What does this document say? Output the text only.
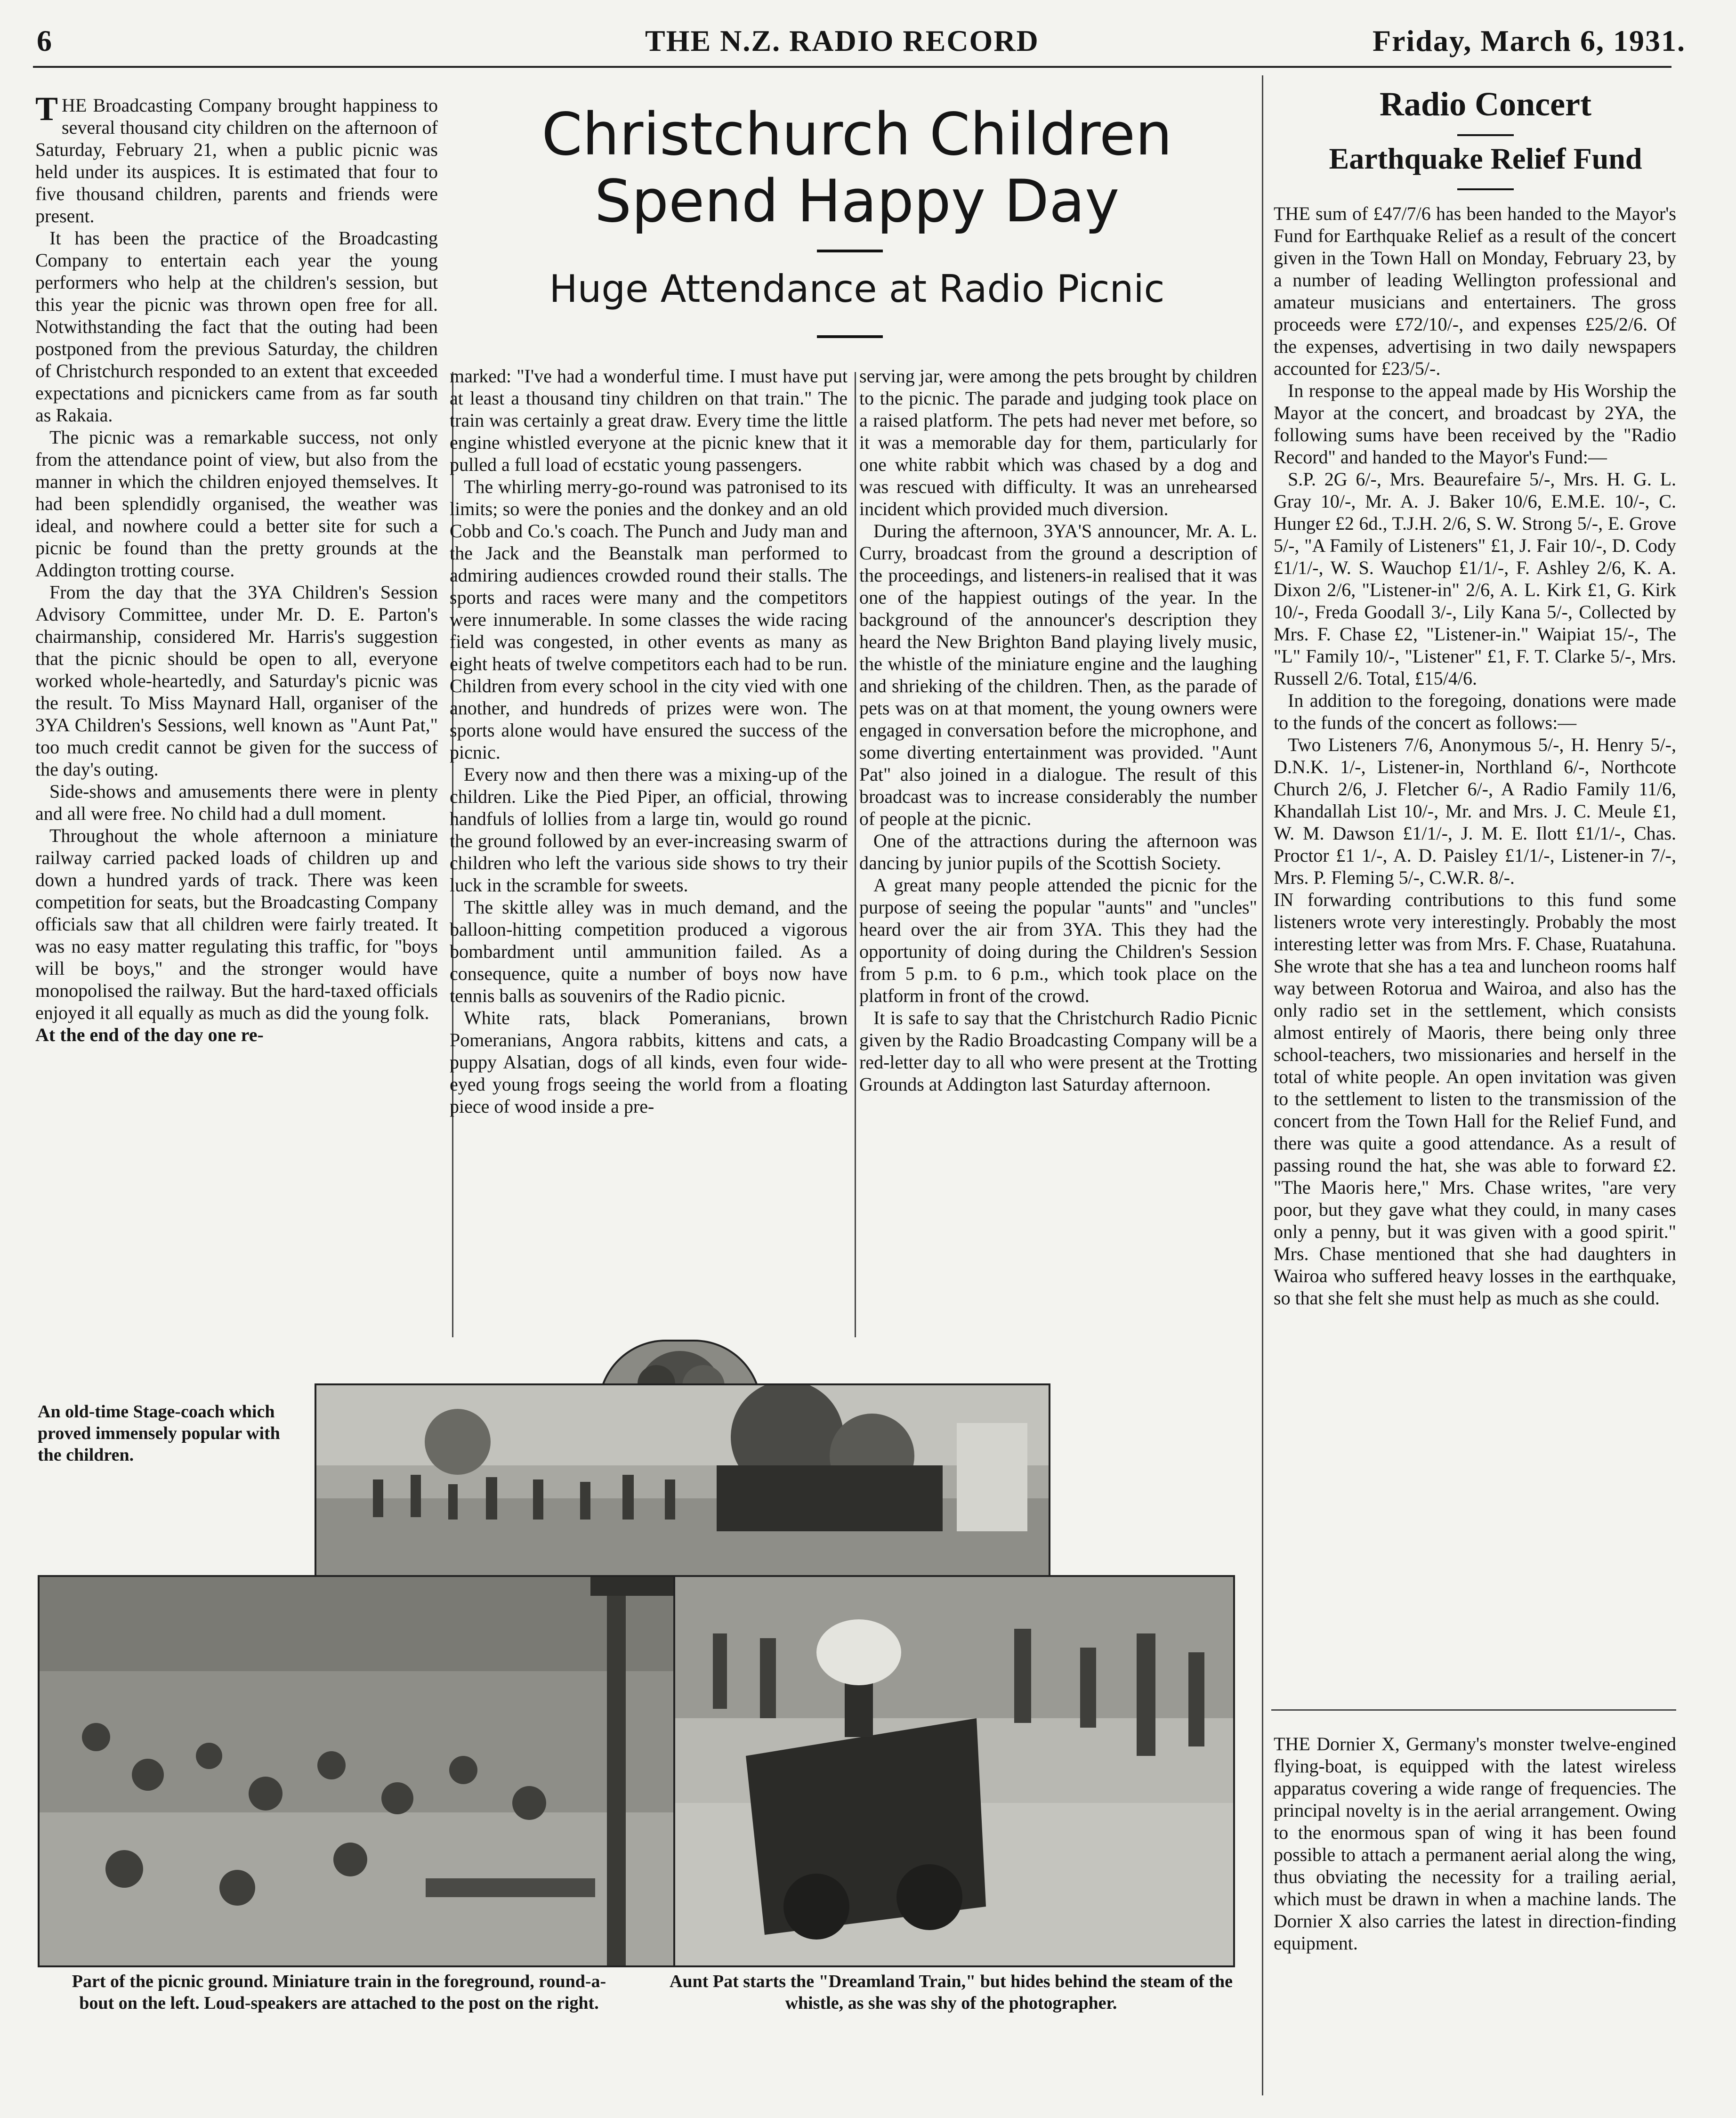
6	THE N.Z. RADIO RECORD	Friday, March 6, 1931.
Christchurch Children Spend Happy Day
Huge Attendance at Radio Picnic

THE Broadcasting Company brought happiness to several thousand city children on the afternoon of Saturday, February 21, when a public picnic was held under its auspices. It is estimated that four to five thousand children, parents and friends were present.

It has been the practice of the Broadcasting Company to entertain each year the young performers who help at the children's session, but this year the picnic was thrown open free for all. Notwithstanding the fact that the outing had been postponed from the previous Saturday, the children of Christchurch responded to an extent that exceeded expectations and picnickers came from as far south as Rakaia.

The picnic was a remarkable success, not only from the attendance point of view, but also from the manner in which the children enjoyed themselves. It had been splendidly organised, the weather was ideal, and nowhere could a better site for such a picnic be found than the pretty grounds at the Addington trotting course.

From the day that the 3YA Children's Session Advisory Committee, under Mr. D. E. Parton's chairmanship, considered Mr. Harris's suggestion that the picnic should be open to all, everyone worked whole-heartedly, and Saturday's picnic was the result. To Miss Maynard Hall, organiser of the 3YA Children's Sessions, well known as "Aunt Pat," too much credit cannot be given for the success of the day's outing.

Side-shows and amusements there were in plenty and all were free. No child had a dull moment.

Throughout the whole afternoon a miniature railway carried packed loads of children up and down a hundred yards of track. There was keen competition for seats, but the Broadcasting Company officials saw that all children were fairly treated. It was no easy matter regulating this traffic, for "boys will be boys," and the stronger would have monopolised the railway. But the hard-taxed officials enjoyed it all equally as much as did the young folk.

At the end of the day one re-

marked: "I've had a wonderful time. I must have put at least a thousand tiny children on that train." The train was certainly a great draw. Every time the little engine whistled everyone at the picnic knew that it pulled a full load of ecstatic young passengers.

The whirling merry-go-round was patronised to its limits; so were the ponies and the donkey and an old Cobb and Co.'s coach. The Punch and Judy man and the Jack and the Beanstalk man performed to admiring audiences crowded round their stalls. The sports and races were many and the competitors were innumerable. In some classes the wide racing field was congested, in other events as many as eight heats of twelve competitors each had to be run. Children from every school in the city vied with one another, and hundreds of prizes were won. The sports alone would have ensured the success of the picnic.

Every now and then there was a mixing-up of the children. Like the Pied Piper, an official, throwing handfuls of lollies from a large tin, would go round the ground followed by an ever-increasing swarm of children who left the various side shows to try their luck in the scramble for sweets.

The skittle alley was in much demand, and the balloon-hitting competition produced a vigorous bombardment until ammunition failed. As a consequence, quite a number of boys now have tennis balls as souvenirs of the Radio picnic.

White rats, black Pomeranians, brown Pomeranians, Angora rabbits, kittens and cats, a puppy Alsatian, dogs of all kinds, even four wide-eyed young frogs seeing the world from a floating piece of wood inside a pre-

serving jar, were among the pets brought by children to the picnic. The parade and judging took place on a raised platform. The pets had never met before, so it was a memorable day for them, particularly for one white rabbit which was chased by a dog and was rescued with difficulty. It was an unrehearsed incident which provided much diversion.

During the afternoon, 3YA'S announcer, Mr. A. L. Curry, broadcast from the ground a description of the proceedings, and listeners-in realised that it was one of the happiest outings of the year. In the background of the announcer's description they heard the New Brighton Band playing lively music, the whistle of the miniature engine and the laughing and shrieking of the children. Then, as the parade of pets was on at that moment, the young owners were engaged in conversation before the microphone, and some diverting entertainment was provided. "Aunt Pat" also joined in a dialogue. The result of this broadcast was to increase considerably the number of people at the picnic.

One of the attractions during the afternoon was dancing by junior pupils of the Scottish Society.

A great many people attended the picnic for the purpose of seeing the popular "aunts" and "uncles" heard over the air from 3YA. This they had the opportunity of doing during the Children's Session from 5 p.m. to 6 p.m., which took place on the platform in front of the crowd.

It is safe to say that the Christchurch Radio Picnic given by the Radio Broadcasting Company will be a red-letter day to all who were present at the Trotting Grounds at Addington last Saturday afternoon.

Radio Concert
Earthquake Relief Fund

THE sum of £47/7/6 has been handed to the Mayor's Fund for Earthquake Relief as a result of the concert given in the Town Hall on Monday, February 23, by a number of leading Wellington professional and amateur musicians and entertainers. The gross proceeds were £72/10/-, and expenses £25/2/6. Of the expenses, advertising in two daily newspapers accounted for £23/5/-.

In response to the appeal made by His Worship the Mayor at the concert, and broadcast by 2YA, the following sums have been received by the "Radio Record" and handed to the Mayor's Fund:—

S.P. 2G 6/-, Mrs. Beaurefaire 5/-, Mrs. H. G. L. Gray 10/-, Mr. A. J. Baker 10/6, E.M.E. 10/-, C. Hunger £2 6d., T.J.H. 2/6, S. W. Strong 5/-, E. Grove 5/-, "A Family of Listeners" £1, J. Fair 10/-, D. Cody £1/1/-, W. S. Wauchop £1/1/-, F. Ashley 2/6, K. A. Dixon 2/6, "Listener-in" 2/6, A. L. Kirk £1, G. Kirk 10/-, Freda Goodall 3/-, Lily Kana 5/-, Collected by Mrs. F. Chase £2, "Listener-in." Waipiat 15/-, The "L" Family 10/-, "Listener" £1, F. T. Clarke 5/-, Mrs. Russell 2/6. Total, £15/4/6.

In addition to the foregoing, donations were made to the funds of the concert as follows:—

Two Listeners 7/6, Anonymous 5/-, H. Henry 5/-, D.N.K. 1/-, Listener-in, Northland 6/-, Northcote Church 2/6, J. Fletcher 6/-, A Radio Family 11/6, Khandallah List 10/-, Mr. and Mrs. J. C. Meule £1, W. M. Dawson £1/1/-, J. M. E. Ilott £1/1/-, Chas. Proctor £1 1/-, A. D. Paisley £1/1/-, Listener-in 7/-, Mrs. P. Fleming 5/-, C.W.R. 8/-.

IN forwarding contributions to this fund some listeners wrote very interestingly. Probably the most interesting letter was from Mrs. F. Chase, Ruatahuna. She wrote that she has a tea and luncheon rooms half way between Rotorua and Wairoa, and also has the only radio set in the settlement, which consists almost entirely of Maoris, there being only three school-teachers, two missionaries and herself in the total of white people. An open invitation was given to the settlement to listen to the transmission of the concert from the Town Hall for the Relief Fund, and there was quite a good attendance. As a result of passing round the hat, she was able to forward £2. "The Maoris here," Mrs. Chase writes, "are very poor, but they gave what they could, in many cases only a penny, but it was given with a good spirit." Mrs. Chase mentioned that she had daughters in Wairoa who suffered heavy losses in the earthquake, so that she felt she must help as much as she could.

THE Dornier X, Germany's monster twelve-engined flying-boat, is equipped with the latest wireless apparatus covering a wide range of frequencies. The principal novelty is in the aerial arrangement. Owing to the enormous span of wing it has been found possible to attach a permanent aerial along the wing, thus obviating the necessity for a trailing aerial, which must be drawn in when a machine lands. The Dornier X also carries the latest in direction-finding equipment.

An old-time Stage-coach which proved immensely popular with the children.
Part of the picnic ground. Miniature train in the foreground, round-a-bout on the left. Loud-speakers are attached to the post on the right.
Aunt Pat starts the "Dreamland Train," but hides behind the steam of the whistle, as she was shy of the photographer.
